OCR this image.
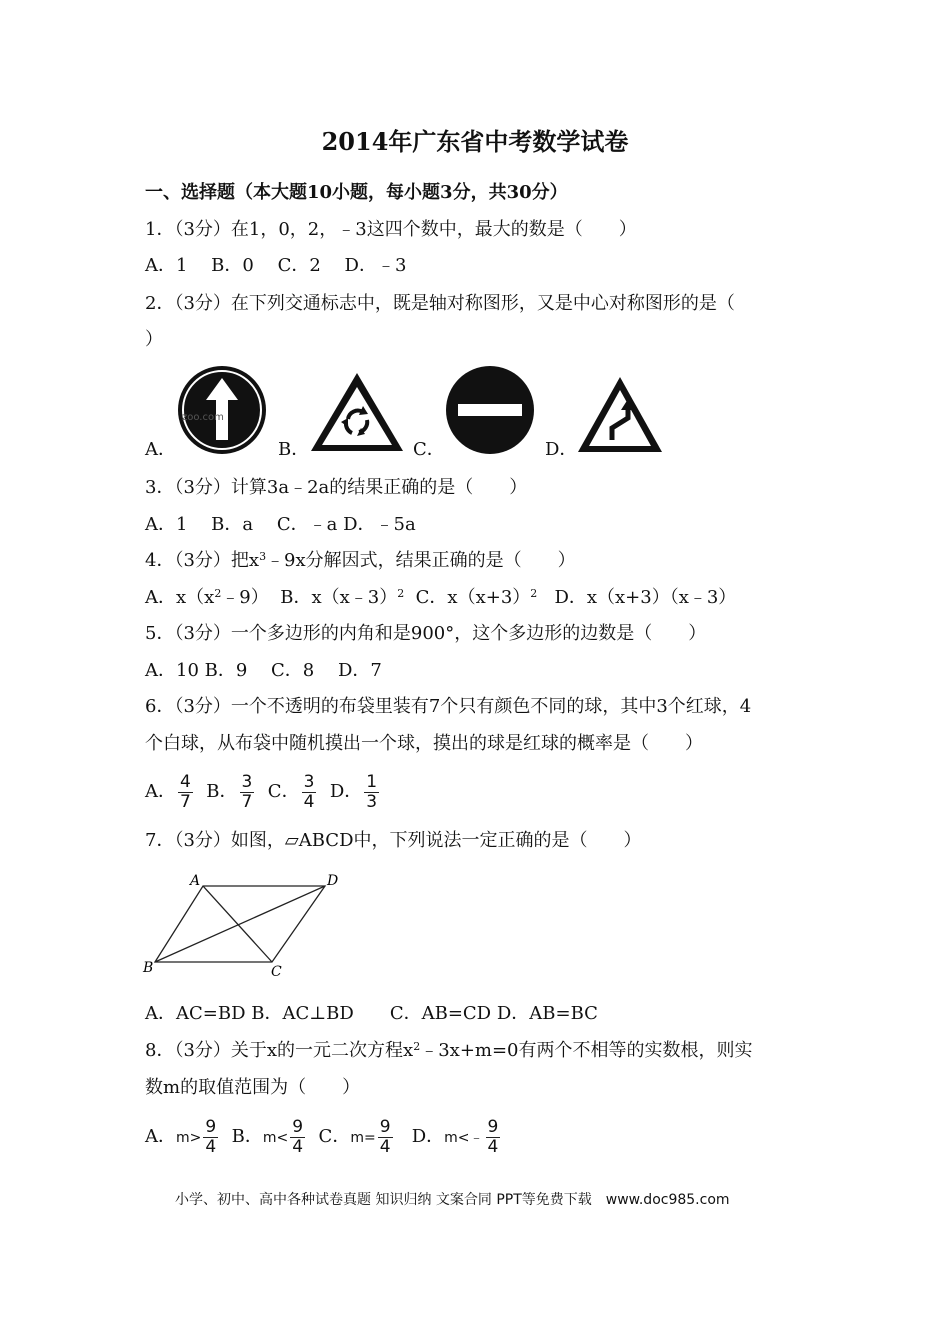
2014年广东省中考数学试卷
一、选择题（本大题10小题，每小题3分，共30分）
1．（3分）在1，0，2，﹣3这四个数中，最大的数是（　　）
A．1　 B．0　 C．2　 D．﹣3
2．（3分）在下列交通标志中，既是轴对称图形，又是中心对称图形的是（
）
A．
zoo.com
B．	C．	D．
3．（3分）计算3a﹣2a的结果正确的是（　　）
A．1　 B．a　 C．﹣a D．﹣5a
4．（3分）把$x^3﹣9x$分解因式，结果正确的是（　　）
A．$x(x^2﹣9)$ B．x（x﹣3）$^2$ C．$x(x+3)^2$ D．x（x+3）（x﹣3）
5．（3分）一个多边形的内角和是900°，这个多边形的边数是（　　）
A．10 B．9　 C．8　 D．7
6．（3分）一个不透明的布袋里装有7个只有颜色不同的球，其中3个红球，4
个白球，从布袋中随机摸出一个球，摸出的球是红球的概率是（　　）
A． $\frac{4}{7}$ B． $\frac{3}{7}$ C． $\frac{3}{4}$ D． $\frac{1}{3}$
7．（3分）如图，▱ABCD中，下列说法一定正确的是（　　）
A	D
B	C
A．AC=BD B．AC⊥BD　　C．AB=CD D．AB=BC
8．（3分）关于x的一元二次方程$x^2﹣3x+m=0$有两个不相等的实数根，则实
数m的取值范围为（　　）
A．$m> \frac{9}{4}$ B．$m< \frac{9}{4}$ C．$m= \frac{9}{4}$ D．m<﹣ $\frac{9}{4}$
小学、初中、高中各种试卷真题 知识归纳 文案合同 PPT等免费下载　www.doc985.com
